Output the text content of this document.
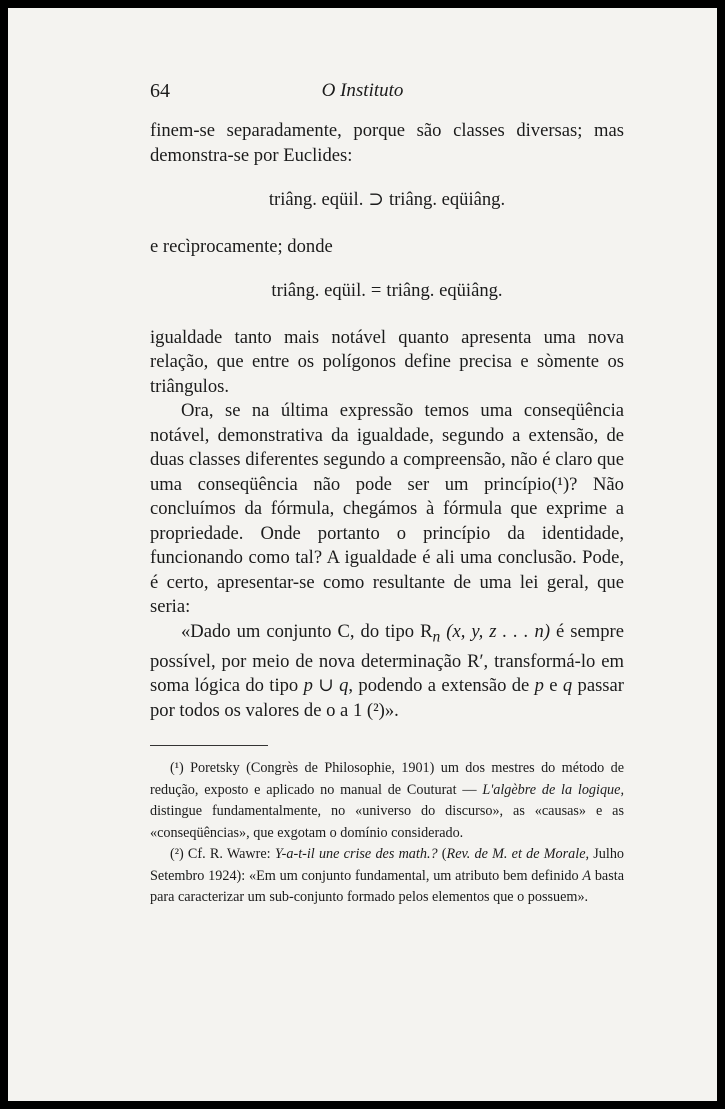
64	O Instituto

finem-se separadamente, porque são classes diversas; mas demonstra-se por Euclides:

triâng. eqüil. ⊃ triâng. eqüiâng.

e recìprocamente; donde

triâng. eqüil. = triâng. eqüiâng.

igualdade tanto mais notável quanto apresenta uma nova relação, que entre os polígonos define precisa e sòmente os triângulos.

Ora, se na última expressão temos uma conseqüência notável, demonstrativa da igualdade, segundo a extensão, de duas classes diferentes segundo a compreensão, não é claro que uma conseqüência não pode ser um princípio(¹)? Não concluímos da fórmula, chegámos à fórmula que exprime a propriedade. Onde portanto o princípio da identidade, funcionando como tal? A igualdade é ali uma conclusão. Pode, é certo, apresentar-se como resultante de uma lei geral, que seria:

«Dado um conjunto C, do tipo $R_n$ (x, y, z . . . n) é sempre possível, por meio de nova determinação R′, transformá-lo em soma lógica do tipo p ∪ q, podendo a extensão de p e q passar por todos os valores de o a 1 (²)».

(¹) Poretsky (Congrès de Philosophie, 1901) um dos mestres do método de redução, exposto e aplicado no manual de Couturat — L'algèbre de la logique, distingue fundamentalmente, no «universo do discurso», as «causas» e as «conseqüências», que exgotam o domínio considerado.

(²) Cf. R. Wawre: Y-a-t-il une crise des math.? (Rev. de M. et de Morale, Julho Setembro 1924): «Em um conjunto fundamental, um atributo bem definido A basta para caracterizar um sub-conjunto formado pelos elementos que o possuem».
